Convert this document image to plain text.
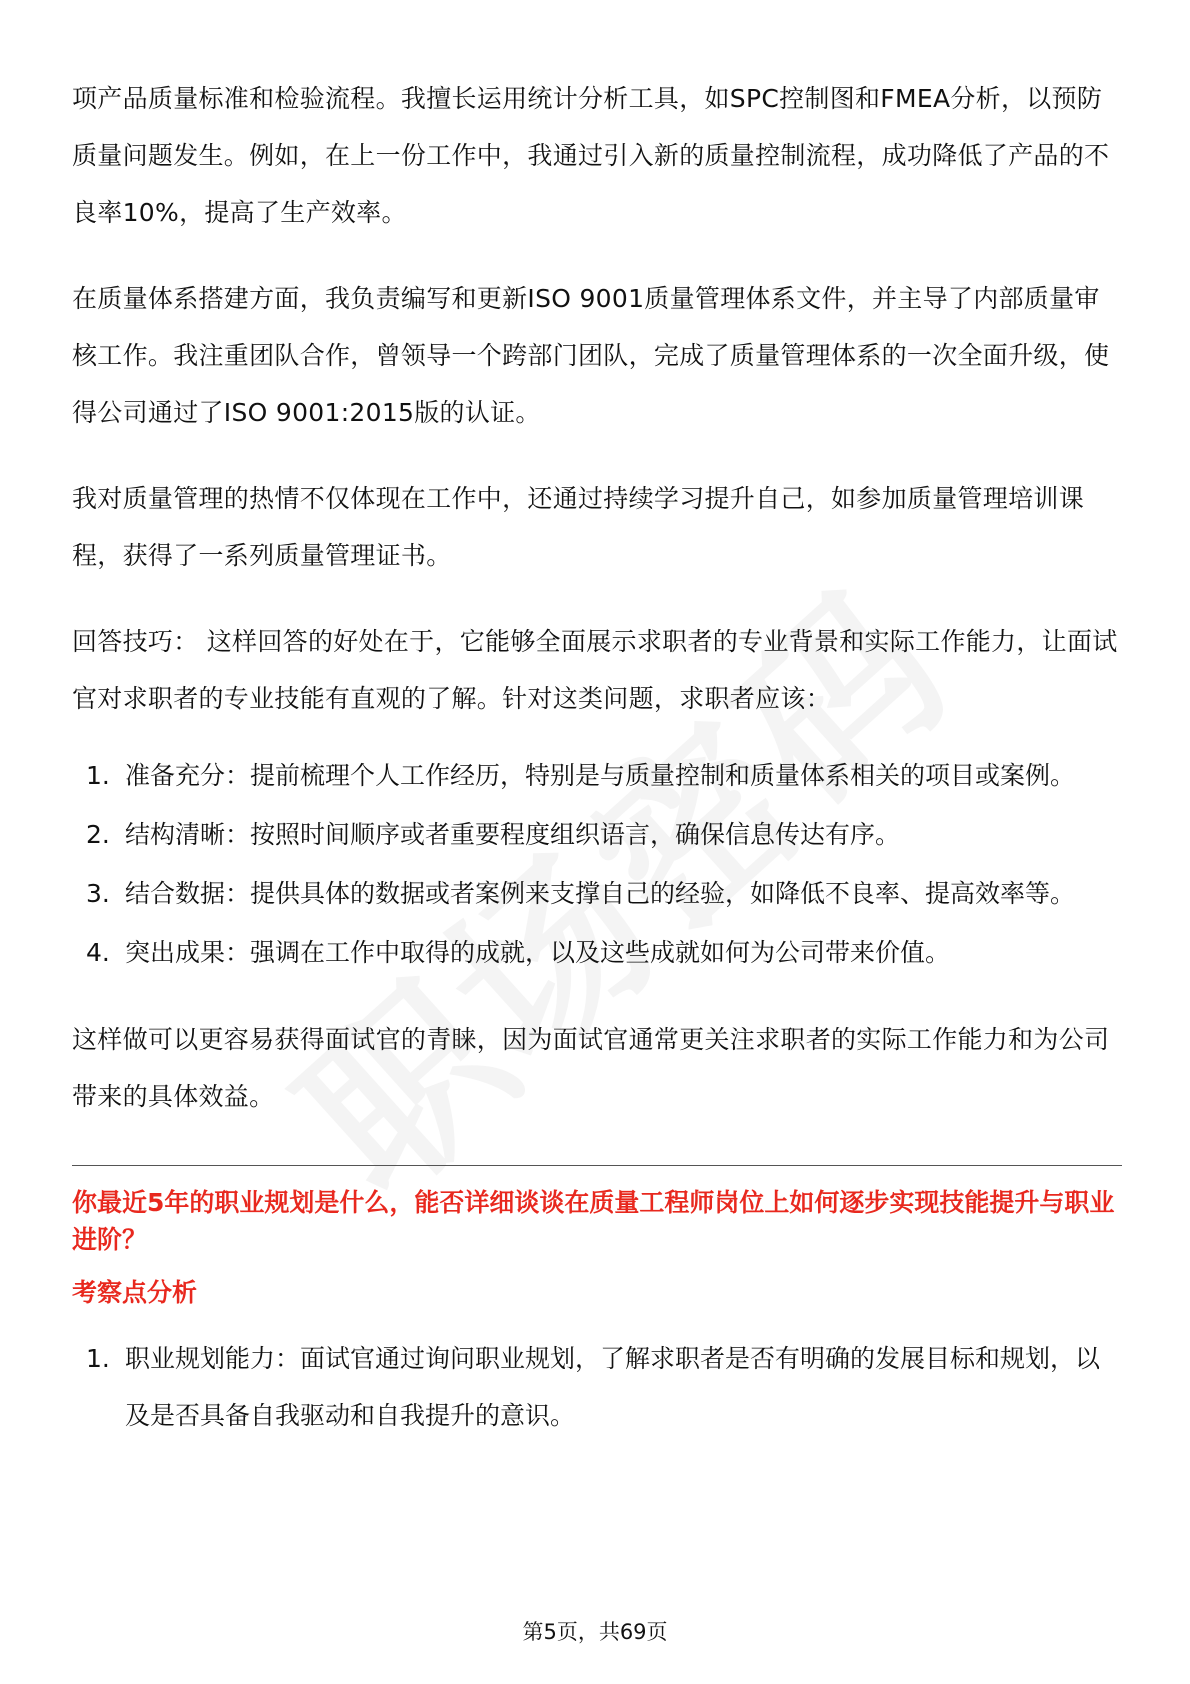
项产品质量标准和检验流程。我擅长运用统计分析工具，如SPC控制图和FMEA分析，以预防质量问题发生。例如，在上一份工作中，我通过引入新的质量控制流程，成功降低了产品的不良率10%，提高了生产效率。

在质量体系搭建方面，我负责编写和更新ISO 9001质量管理体系文件，并主导了内部质量审核工作。我注重团队合作，曾领导一个跨部门团队，完成了质量管理体系的一次全面升级，使得公司通过了ISO 9001:2015版的认证。

我对质量管理的热情不仅体现在工作中，还通过持续学习提升自己，如参加质量管理培训课程，获得了一系列质量管理证书。

回答技巧： 这样回答的好处在于，它能够全面展示求职者的专业背景和实际工作能力，让面试官对求职者的专业技能有直观的了解。针对这类问题，求职者应该：

1. 准备充分：提前梳理个人工作经历，特别是与质量控制和质量体系相关的项目或案例。
2. 结构清晰：按照时间顺序或者重要程度组织语言，确保信息传达有序。
3. 结合数据：提供具体的数据或者案例来支撑自己的经验，如降低不良率、提高效率等。
4. 突出成果：强调在工作中取得的成就，以及这些成就如何为公司带来价值。

这样做可以更容易获得面试官的青睐，因为面试官通常更关注求职者的实际工作能力和为公司带来的具体效益。

你最近5年的职业规划是什么，能否详细谈谈在质量工程师岗位上如何逐步实现技能提升与职业进阶？
考察点分析
1. 职业规划能力：面试官通过询问职业规划，了解求职者是否有明确的发展目标和规划，以及是否具备自我驱动和自我提升的意识。
第5页，共69页
